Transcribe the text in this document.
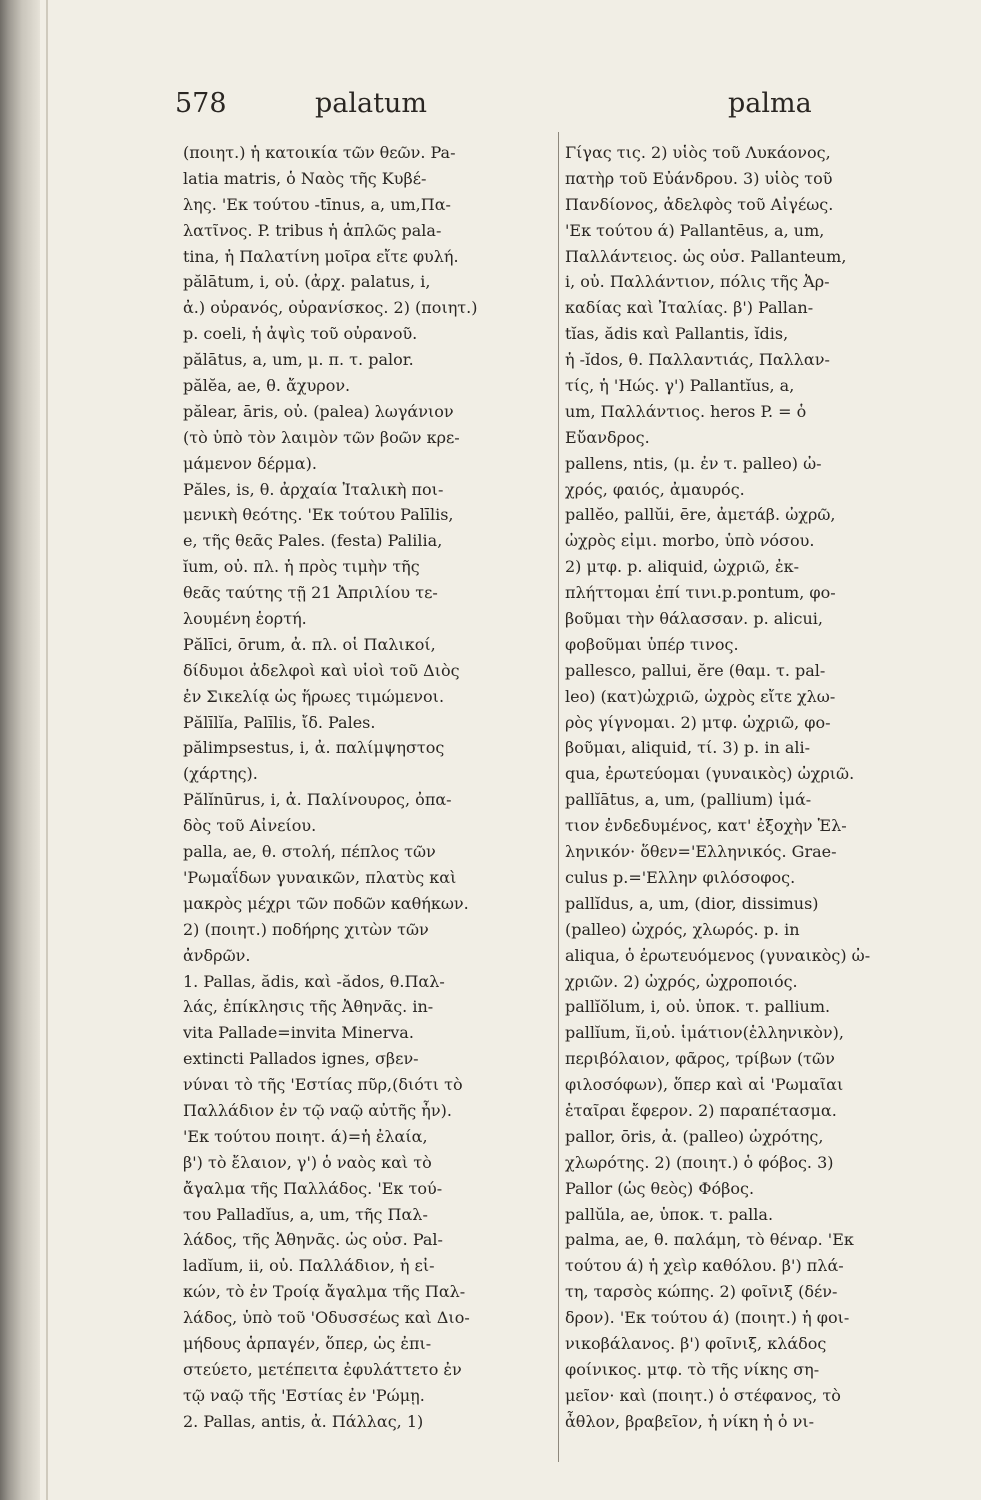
578	palatum	palma
(ποιητ.) ἡ κατοικία τῶν θεῶν. Pa-
latia matris, ὁ Ναὸς τῆς Κυβέ-
λης. 'Εκ τούτου -tīnus, a, um,Πα-
λατῖνος. P. tribus ἡ ἁπλῶς pala-
tina, ἡ Παλατίνη μοῖρα εἴτε φυλή.
pălātum, i, οὐ. (ἀρχ. palatus, i,
ἀ.) οὐρανός, οὐρανίσκος. 2) (ποιητ.)
p. coeli, ἡ ἀψὶς τοῦ οὐρανοῦ.
pălātus, a, um, μ. π. τ. palor.
pălĕa, ae, θ. ἄχυρον.
pălear, āris, οὐ. (palea) λωγάνιον
(τὸ ὑπὸ τὸν λαιμὸν τῶν βοῶν κρε-
μάμενον δέρμα).
Păles, is, θ. ἀρχαία Ἰταλικὴ ποι-
μενικὴ θεότης. 'Εκ τούτου Palīlis,
e, τῆς θεᾶς Pales. (festa) Palilia,
ĭum, οὐ. πλ. ἡ πρὸς τιμὴν τῆς
θεᾶς ταύτης τῇ 21 Ἀπριλίου τε-
λουμένη ἑορτή.
Pălīci, ōrum, ἀ. πλ. οἱ Παλικοί,
δίδυμοι ἀδελφοὶ καὶ υἱοὶ τοῦ Διὸς
ἐν Σικελίᾳ ὡς ἥρωες τιμώμενοι.
Pălīlĭa, Palīlis, ἴδ. Pales.
pălimpsestus, i, ἀ. παλίμψηστος
(χάρτης).
Pălĭnūrus, i, ἀ. Παλίνουρος, ὀπα-
δὸς τοῦ Αἰνείου.
palla, ae, θ. στολή, πέπλος τῶν
'Ρωμαΐδων γυναικῶν, πλατὺς καὶ
μακρὸς μέχρι τῶν ποδῶν καθήκων.
2) (ποιητ.) ποδήρης χιτὼν τῶν
ἀνδρῶν.
1. Pallas, ădis, καὶ -ădos, θ.Παλ-
λάς, ἐπίκλησις τῆς Ἀθηνᾶς. in-
vita Pallade=invita Minerva.
extincti Pallados ignes, σβεν-
νύναι τὸ τῆς 'Εστίας πῦρ,(διότι τὸ
Παλλάδιον ἐν τῷ ναῷ αὐτῆς ἦν).
'Εκ τούτου ποιητ. ά)=ἡ ἐλαία,
β') τὸ ἔλαιον, γ') ὁ ναὸς καὶ τὸ
ἄγαλμα τῆς Παλλάδος. 'Εκ τού-
του Palladĭus, a, um, τῆς Παλ-
λάδος, τῆς Ἀθηνᾶς. ὡς οὐσ. Pal-
ladĭum, ii, οὐ. Παλλάδιον, ἡ εἰ-
κών, τὸ ἐν Τροίᾳ ἄγαλμα τῆς Παλ-
λάδος, ὑπὸ τοῦ 'Οδυσσέως καὶ Διο-
μήδους ἁρπαγέν, ὅπερ, ὡς ἐπι-
στεύετο, μετέπειτα ἐφυλάττετο ἐν
τῷ ναῷ τῆς 'Εστίας ἐν 'Ρώμῃ.
2. Pallas, antis, ἀ. Πάλλας, 1)
Γίγας τις. 2) υἱὸς τοῦ Λυκάονος,
πατὴρ τοῦ Εὐάνδρου. 3) υἱὸς τοῦ
Πανδίονος, ἀδελφὸς τοῦ Αἰγέως.
'Εκ τούτου ά) Pallantēus, a, um,
Παλλάντειος. ὡς οὐσ. Pallanteum,
i, οὐ. Παλλάντιον, πόλις τῆς Ἀρ-
καδίας καὶ Ἰταλίας. β') Pallan-
tĭas, ădis καὶ Pallantis, ĭdis,
ἡ -ĭdos, θ. Παλλαντιάς, Παλλαν-
τίς, ἡ 'Ηώς. γ') Pallantĭus, a,
um, Παλλάντιος. heros P. = ὁ
Εὔανδρος.
pallens, ntis, (μ. ἐν τ. palleo) ὠ-
χρός, φαιός, ἀμαυρός.
pallĕo, pallŭi, ēre, ἀμετάβ. ὠχρῶ,
ὠχρὸς εἰμι. morbo, ὑπὸ νόσου.
2) μτφ. p. aliquid, ὠχριῶ, ἐκ-
πλήττομαι ἐπί τινι.p.pontum, φο-
βοῦμαι τὴν θάλασσαν. p. alicui,
φοβοῦμαι ὑπέρ τινος.
pallesco, pallui, ĕre (θαμ. τ. pal-
leo) (κατ)ὠχριῶ, ὠχρὸς εἴτε χλω-
ρὸς γίγνομαι. 2) μτφ. ὠχριῶ, φο-
βοῦμαι, aliquid, τί. 3) p. in ali-
qua, ἐρωτεύομαι (γυναικὸς) ὠχριῶ.
pallĭātus, a, um, (pallium) ἱμά-
τιον ἐνδεδυμένος, κατ' ἐξοχὴν Ἑλ-
ληνικόν· ὅθεν='Ελληνικός. Grae-
culus p.='Ελλην φιλόσοφος.
pallĭdus, a, um, (dior, dissimus)
(palleo) ὠχρός, χλωρός. p. in
aliqua, ὁ ἐρωτευόμενος (γυναικὸς) ὠ-
χριῶν. 2) ὠχρός, ὠχροποιός.
pallĭŏlum, i, οὐ. ὑποκ. τ. pallium.
pallĭum, ĭi,οὐ. ἱμάτιον(ἑλληνικὸν),
περιβόλαιον, φᾶρος, τρίβων (τῶν
φιλοσόφων), ὅπερ καὶ αἱ 'Ρωμαῖαι
ἑταῖραι ἔφερον. 2) παραπέτασμα.
pallor, ōris, ἀ. (palleo) ὠχρότης,
χλωρότης. 2) (ποιητ.) ὁ φόβος. 3)
Pallor (ὡς θεὸς) Φόβος.
pallŭla, ae, ὑποκ. τ. palla.
palma, ae, θ. παλάμη, τὸ θέναρ. 'Εκ
τούτου ά) ἡ χεὶρ καθόλου. β') πλά-
τη, ταρσὸς κώπης. 2) φοῖνιξ (δέν-
δρον). 'Εκ τούτου ά) (ποιητ.) ἡ φοι-
νικοβάλανος. β') φοῖνιξ, κλάδος
φοίνικος. μτφ. τὸ τῆς νίκης ση-
μεῖον· καὶ (ποιητ.) ὁ στέφανος, τὸ
ἆθλον, βραβεῖον, ἡ νίκη ἡ ὁ νι-
